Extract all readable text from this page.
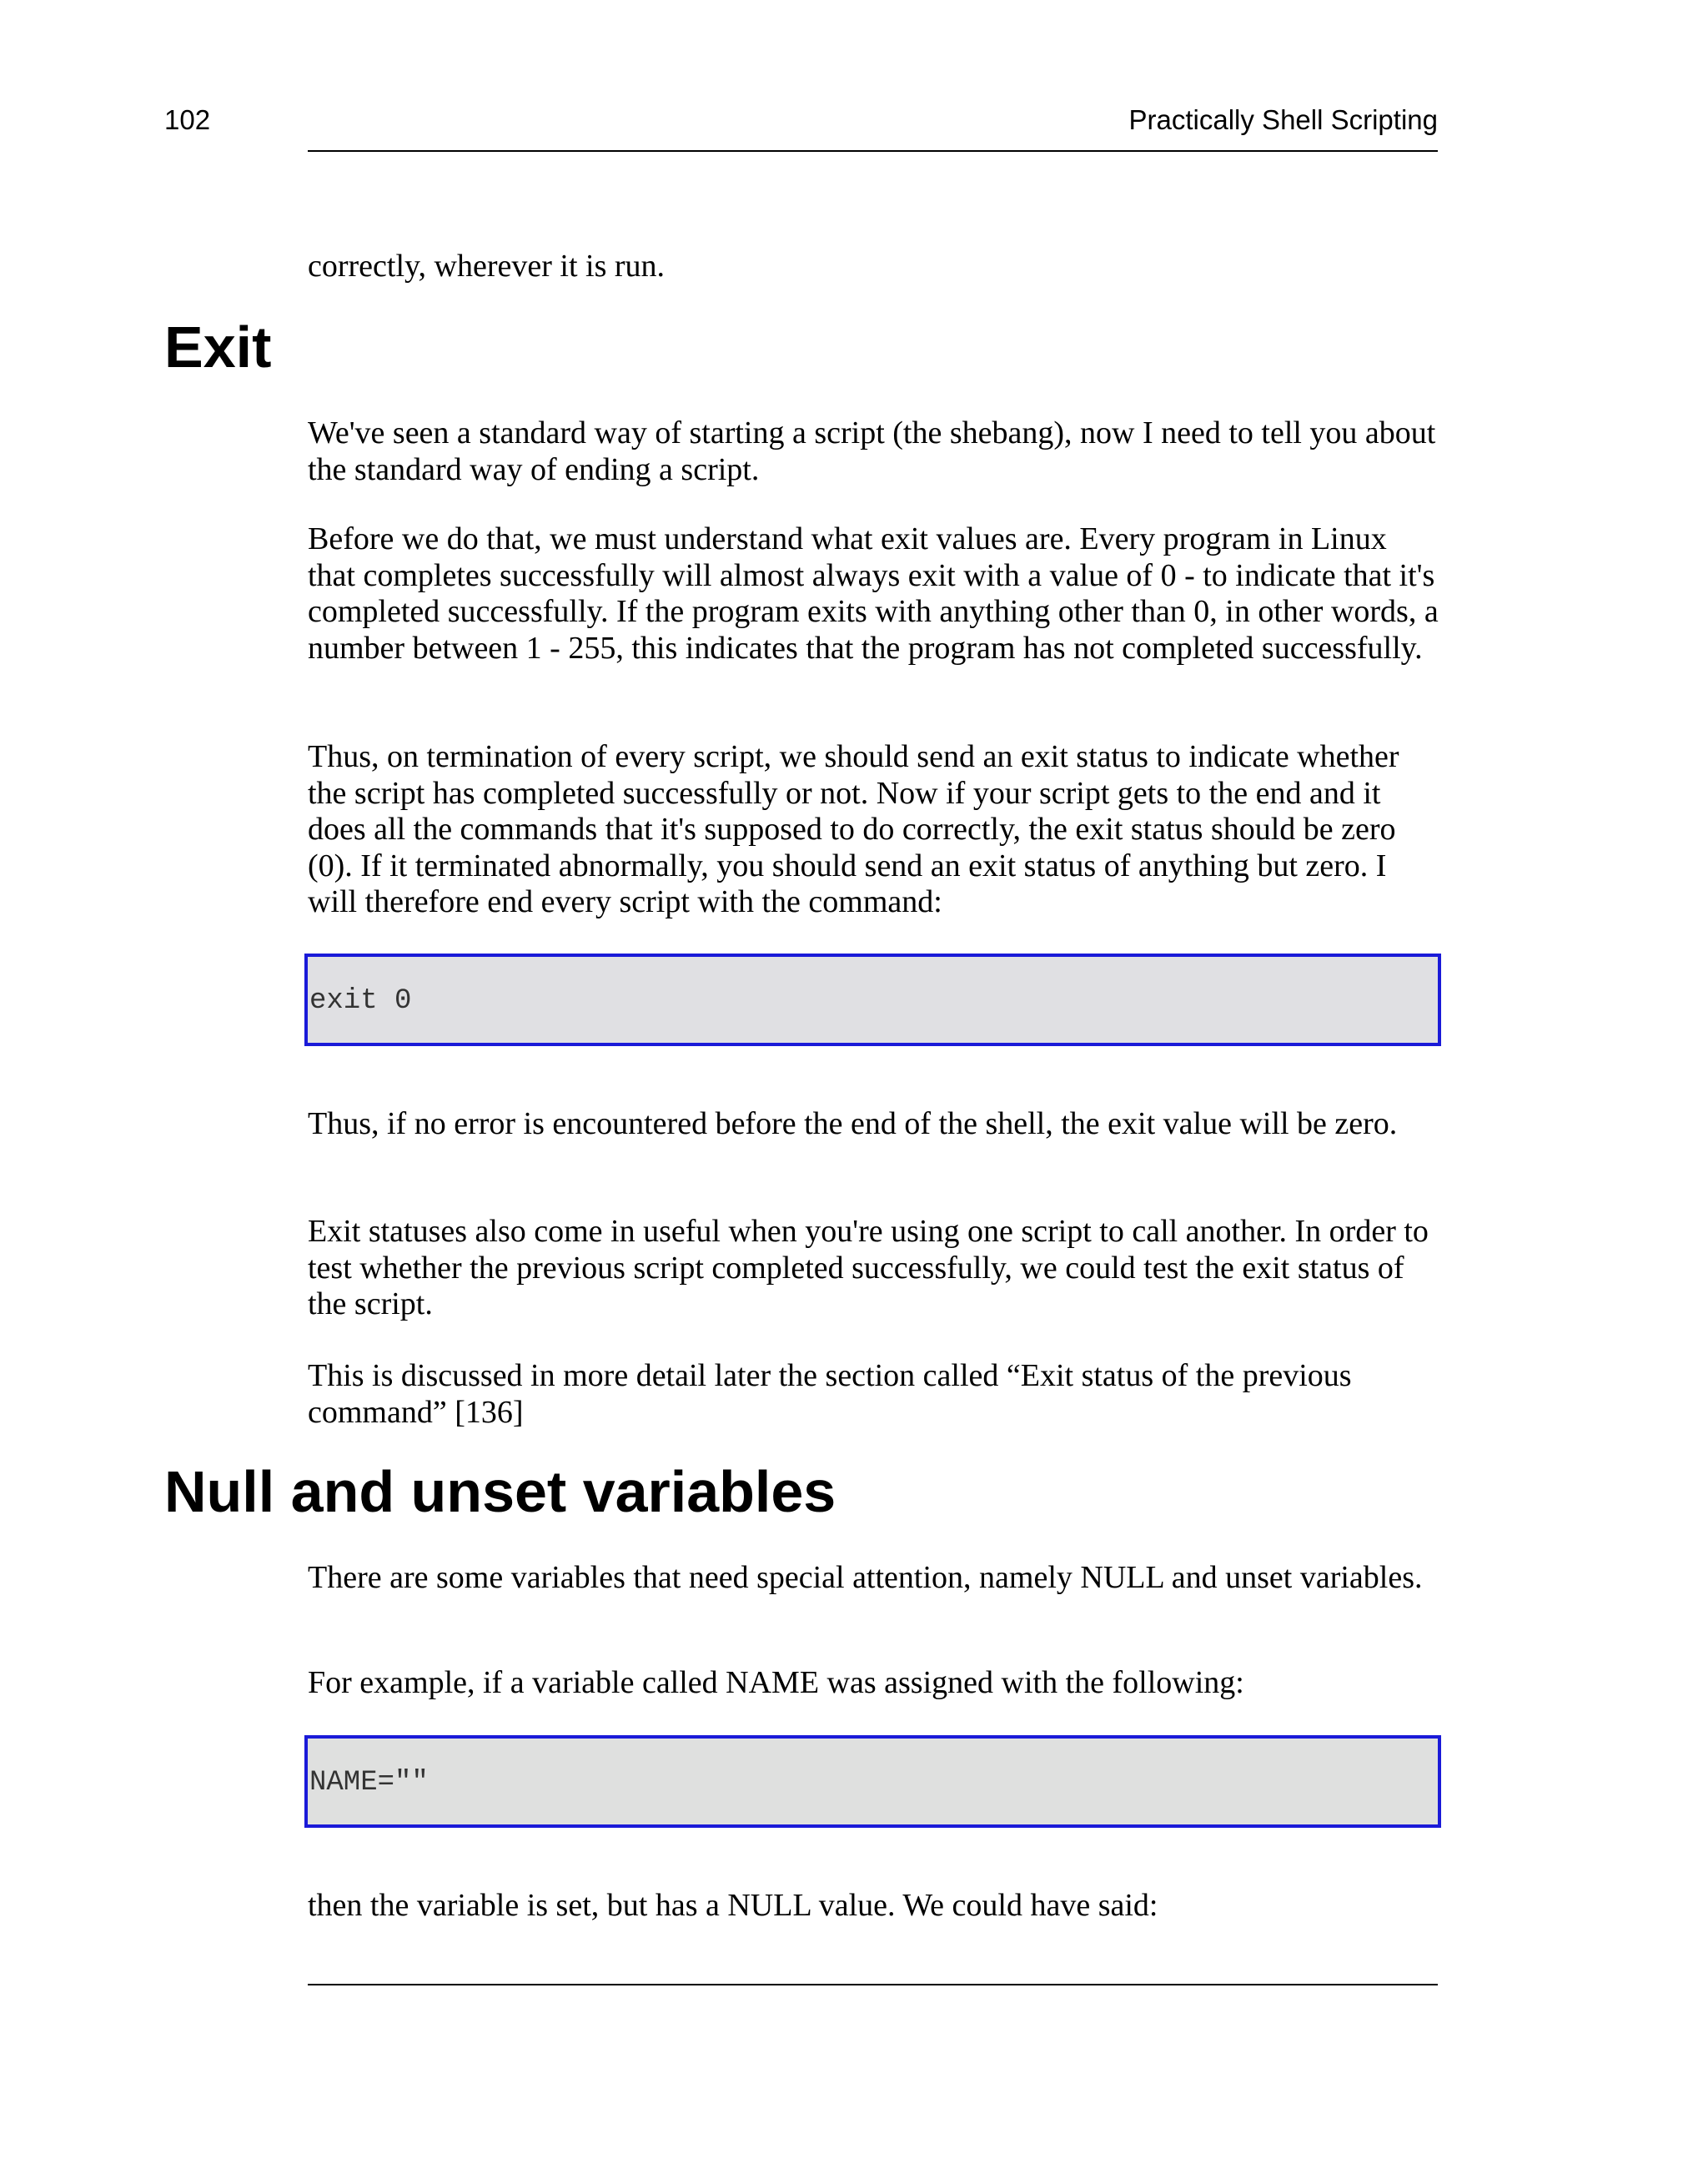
102	Practically Shell Scripting

correctly, wherever it is run.

Exit

We've seen a standard way of starting a script (the shebang), now I need to tell you about the standard way of ending a script.

Before we do that, we must understand what exit values are. Every program in Linux that completes successfully will almost always exit with a value of 0 - to indicate that it's completed successfully. If the program exits with anything other than 0, in other words, a number between 1 - 255, this indicates that the program has not completed successfully.

Thus, on termination of every script, we should send an exit status to indicate whether the script has completed successfully or not. Now if your script gets to the end and it does all the commands that it's supposed to do correctly, the exit status should be zero (0). If it terminated abnormally, you should send an exit status of anything but zero. I will therefore end every script with the command:

exit 0

Thus, if no error is encountered before the end of the shell, the exit value will be zero.

Exit statuses also come in useful when you're using one script to call another. In order to test whether the previous script completed successfully, we could test the exit status of the script.

This is discussed in more detail later the section called “Exit status of the previous command” [136]

Null and unset variables

There are some variables that need special attention, namely NULL and unset variables.

For example, if a variable called NAME was assigned with the following:

NAME=""

then the variable is set, but has a NULL value. We could have said:
